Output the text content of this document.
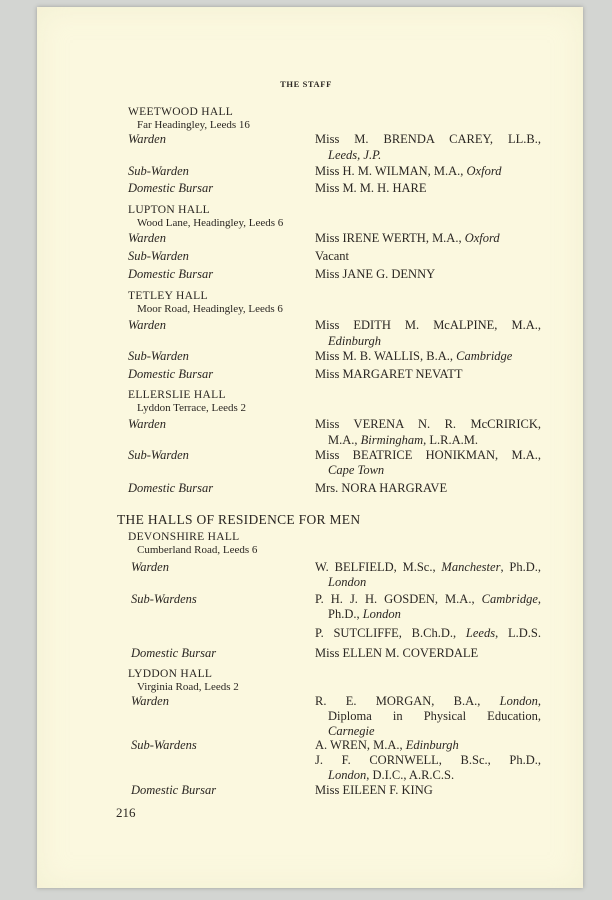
THE STAFF
WEETWOOD HALL
Far Headingley, Leeds 16
Warden	Miss M. BRENDA CAREY, LL.B.,
Leeds, J.P.
Sub-Warden	Miss H. M. WILMAN, M.A., Oxford
Domestic Bursar	Miss M. M. H. HARE
LUPTON HALL
Wood Lane, Headingley, Leeds 6
Warden	Miss IRENE WERTH, M.A., Oxford
Sub-Warden	Vacant
Domestic Bursar	Miss JANE G. DENNY
TETLEY HALL
Moor Road, Headingley, Leeds 6
Warden	Miss EDITH M. McALPINE, M.A.,
Edinburgh
Sub-Warden	Miss M. B. WALLIS, B.A., Cambridge
Domestic Bursar	Miss MARGARET NEVATT
ELLERSLIE HALL
Lyddon Terrace, Leeds 2
Warden	Miss VERENA N. R. McCRIRICK,
M.A., Birmingham, L.R.A.M.
Sub-Warden	Miss BEATRICE HONIKMAN, M.A.,
Cape Town
Domestic Bursar	Mrs. NORA HARGRAVE
THE HALLS OF RESIDENCE FOR MEN
DEVONSHIRE HALL
Cumberland Road, Leeds 6
Warden	W. BELFIELD, M.Sc., Manchester, Ph.D.,
London
Sub-Wardens	P. H. J. H. GOSDEN, M.A., Cambridge,
Ph.D., London
P. SUTCLIFFE, B.Ch.D., Leeds, L.D.S.
Domestic Bursar	Miss ELLEN M. COVERDALE
LYDDON HALL
Virginia Road, Leeds 2
Warden	R. E. MORGAN, B.A., London,
Diploma in Physical Education,
Carnegie
Sub-Wardens	A. WREN, M.A., Edinburgh
J. F. CORNWELL, B.Sc., Ph.D.,
London, D.I.C., A.R.C.S.
Domestic Bursar	Miss EILEEN F. KING
216
